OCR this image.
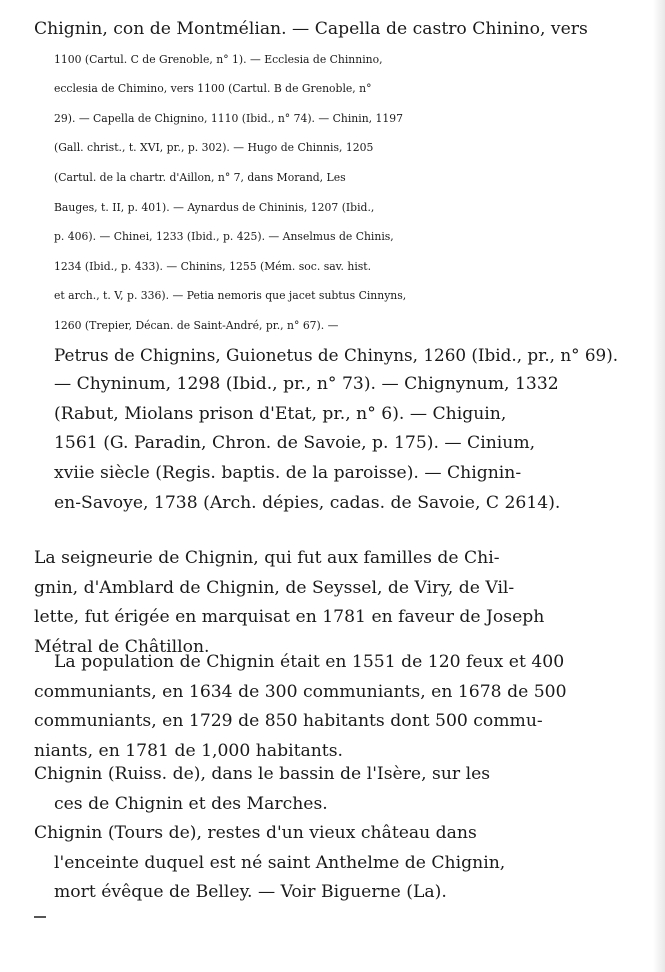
Chignin, con de Montmélian. — Capella de castro Chinino, vers
1100 (Cartul. C de Grenoble, n° 1). — Ecclesia de Chinnino,
ecclesia de Chimino, vers 1100 (Cartul. B de Grenoble, n°
29). — Capella de Chignino, 1110 (Ibid., n° 74). — Chinin, 1197
(Gall. christ., t. XVI, pr., p. 302). — Hugo de Chinnis, 1205
(Cartul. de la chartr. d'Aillon, n° 7, dans Morand, Les
Bauges, t. II, p. 401). — Aynardus de Chininis, 1207 (Ibid.,
p. 406). — Chinei, 1233 (Ibid., p. 425). — Anselmus de Chinis,
1234 (Ibid., p. 433). — Chinins, 1255 (Mém. soc. sav. hist.
et arch., t. V, p. 336). — Petia nemoris que jacet subtus Cinnyns,
1260 (Trepier, Décan. de Saint-André, pr., n° 67). —
Petrus de Chignins, Guionetus de Chinyns, 1260 (Ibid., pr., n° 69).
— Chyninum, 1298 (Ibid., pr., n° 73). — Chignynum, 1332
(Rabut, Miolans prison d'Etat, pr., n° 6). — Chiguin,
1561 (G. Paradin, Chron. de Savoie, p. 175). — Cinium,
xviie siècle (Regis. baptis. de la paroisse). — Chignin-
en-Savoye, 1738 (Arch. dépies, cadas. de Savoie, C 2614).

La seigneurie de Chignin, qui fut aux familles de Chi-
gnin, d'Amblard de Chignin, de Seyssel, de Viry, de Vil-
lette, fut érigée en marquisat en 1781 en faveur de Joseph
Métral de Châtillon.

La population de Chignin était en 1551 de 120 feux et 400
communiants, en 1634 de 300 communiants, en 1678 de 500
communiants, en 1729 de 850 habitants dont 500 commu-
niants, en 1781 de 1,000 habitants.

Chignin (Ruiss. de), dans le bassin de l'Isère, sur les
ces de Chignin et des Marches.

Chignin (Tours de), restes d'un vieux château dans
l'enceinte duquel est né saint Anthelme de Chignin,
mort évêque de Belley. — Voir Biguerne (La).
